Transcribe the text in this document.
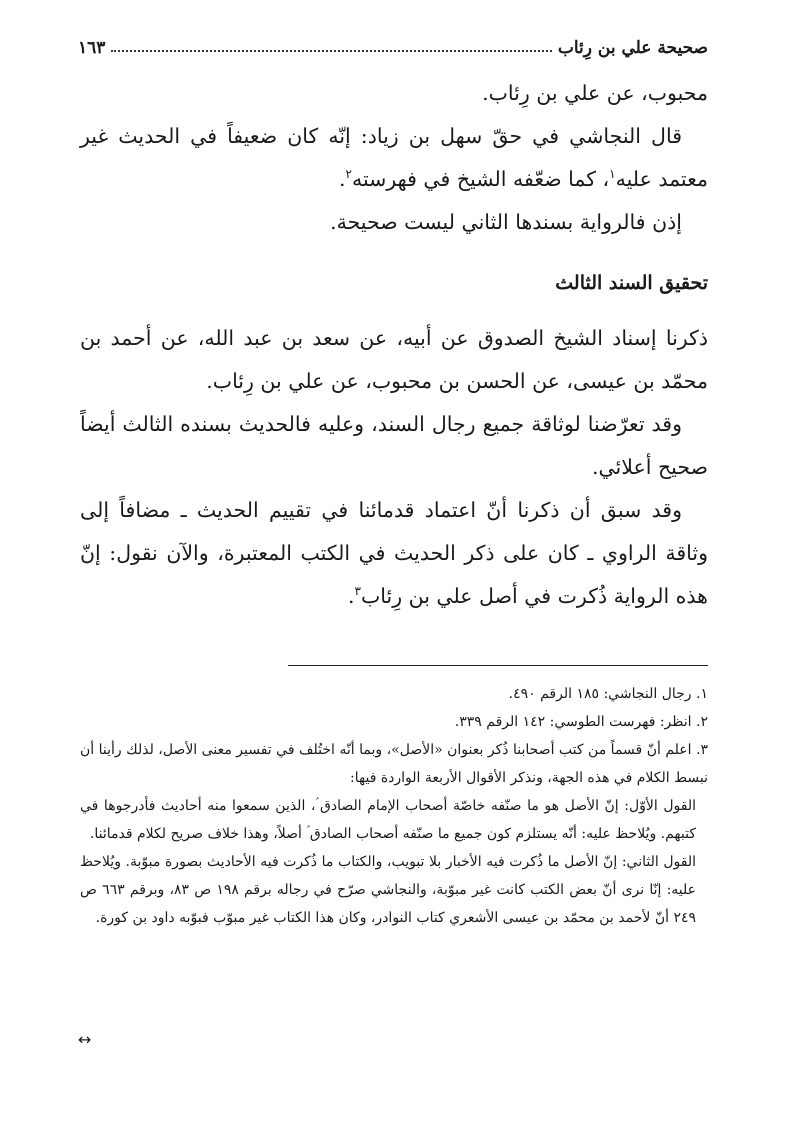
صحيحة علي بن رِئاب
١٦٣

محبوب، عن علي بن رِئاب.

قال النجاشي في حقّ سهل بن زياد: إنّه كان ضعيفاً في الحديث غير معتمد عليه$^١$، كما ضعّفه الشيخ في فهرسته$^٢$.

إذن فالرواية بسندها الثاني ليست صحيحة.

تحقيق السند الثالث

ذكرنا إسناد الشيخ الصدوق عن أبيه، عن سعد بن عبد الله، عن أحمد بن محمّد بن عيسى، عن الحسن بن محبوب، عن علي بن رِئاب.

وقد تعرّضنا لوثاقة جميع رجال السند، وعليه فالحديث بسنده الثالث أيضاً صحيح أعلائي.

وقد سبق أن ذكرنا أنّ اعتماد قدمائنا في تقييم الحديث ـ مضافاً إلى وثاقة الراوي ـ كان على ذكر الحديث في الكتب المعتبرة، والآن نقول: إنّ هذه الرواية ذُكرت في أصل علي بن رِئاب$^٣$.

١. رجال النجاشي: ١٨٥ الرقم ٤٩٠.

٢. انظر: فهرست الطوسي: ١٤٢ الرقم ٣٣٩.

٣. اعلم أنّ قسماً من كتب أصحابنا ذُكر بعنوان «الأصل»، وبما أنّه اختُلف في تفسير معنى الأصل، لذلك رأينا أن نبسط الكلام في هذه الجهة، ونذكر الأقوال الأربعة الواردة فيها:

القول الأوّل: إنّ الأصل هو ما صنّفه خاصّة أصحاب الإمام الصادق ؑ، الذين سمعوا منه أحاديث فأدرجوها في كتبهم. ويُلاحظ عليه: أنّه يستلزم كون جميع ما صنّفه أصحاب الصادق ؑ أصلاً، وهذا خلاف صريح لكلام قدمائنا.

القول الثاني: إنّ الأصل ما ذُكرت فيه الأخبار بلا تبويب، والكتاب ما ذُكرت فيه الأحاديث بصورة مبوّبة. ويُلاحظ عليه: إنّا نرى أنّ بعض الكتب كانت غير مبوّبة، والنجاشي صرّح في رجاله برقم ١٩٨ ص ٨٣، وبرقم ٦٦٣ ص ٢٤٩ أنّ لأحمد بن محمّد بن عيسى الأشعري كتاب النوادر، وكان هذا الكتاب غير مبوّب فبوّبه داود بن كورة.

↔
